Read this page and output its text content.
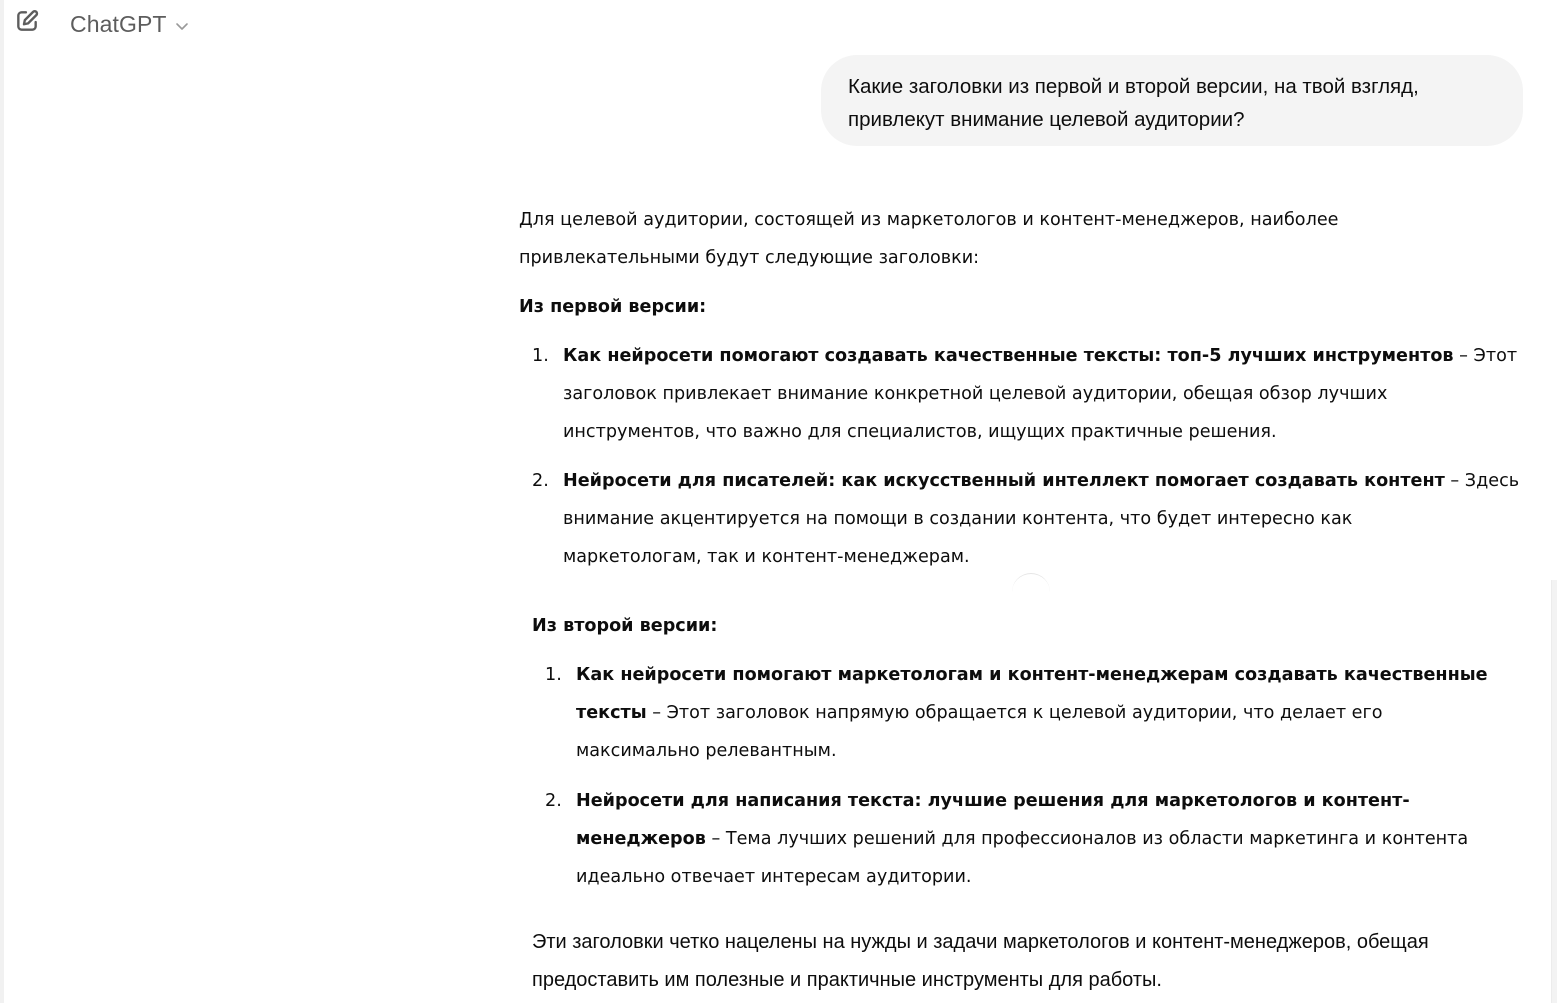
ChatGPT
Какие заголовки из первой и второй версии, на твой взгляд,
привлекут внимание целевой аудитории?
Для целевой аудитории, состоящей из маркетологов и контент-менеджеров, наиболее
привлекательными будут следующие заголовки:
Из первой версии:
1. Как нейросети помогают создавать качественные тексты: топ-5 лучших инструментов – Этот
заголовок привлекает внимание конкретной целевой аудитории, обещая обзор лучших
инструментов, что важно для специалистов, ищущих практичные решения.
2. Нейросети для писателей: как искусственный интеллект помогает создавать контент – Здесь
внимание акцентируется на помощи в создании контента, что будет интересно как
маркетологам, так и контент-менеджерам.
Из второй версии:
1. Как нейросети помогают маркетологам и контент-менеджерам создавать качественные
тексты – Этот заголовок напрямую обращается к целевой аудитории, что делает его
максимально релевантным.
2. Нейросети для написания текста: лучшие решения для маркетологов и контент-
менеджеров – Тема лучших решений для профессионалов из области маркетинга и контента
идеально отвечает интересам аудитории.
Эти заголовки четко нацелены на нужды и задачи маркетологов и контент-менеджеров, обещая
предоставить им полезные и практичные инструменты для работы.
